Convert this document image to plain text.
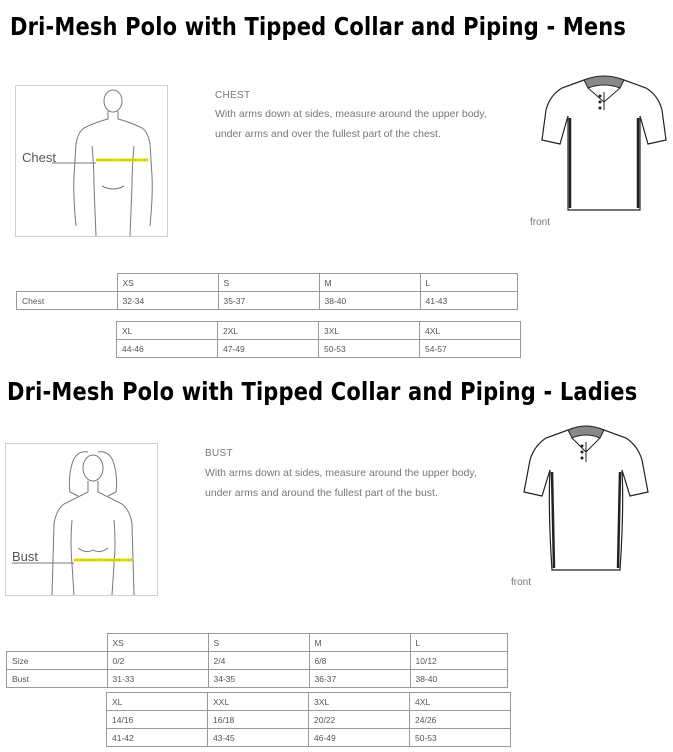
Dri-Mesh Polo with Tipped Collar and Piping - Mens
Chest
CHEST
With arms down at sides, measure around the upper body, under arms and over the fullest part of the chest.
front
	XS	S	M	L
Chest	32-34	35-37	38-40	41-43
XL	2XL	3XL	4XL
44-46	47-49	50-53	54-57
Dri-Mesh Polo with Tipped Collar and Piping - Ladies
Bust
BUST
With arms down at sides, measure around the upper body, under arms and around the fullest part of the bust.
front
	XS	S	M	L
Size	0/2	2/4	6/8	10/12
Bust	31-33	34-35	36-37	38-40
XL	XXL	3XL	4XL
14/16	16/18	20/22	24/26
41-42	43-45	46-49	50-53
